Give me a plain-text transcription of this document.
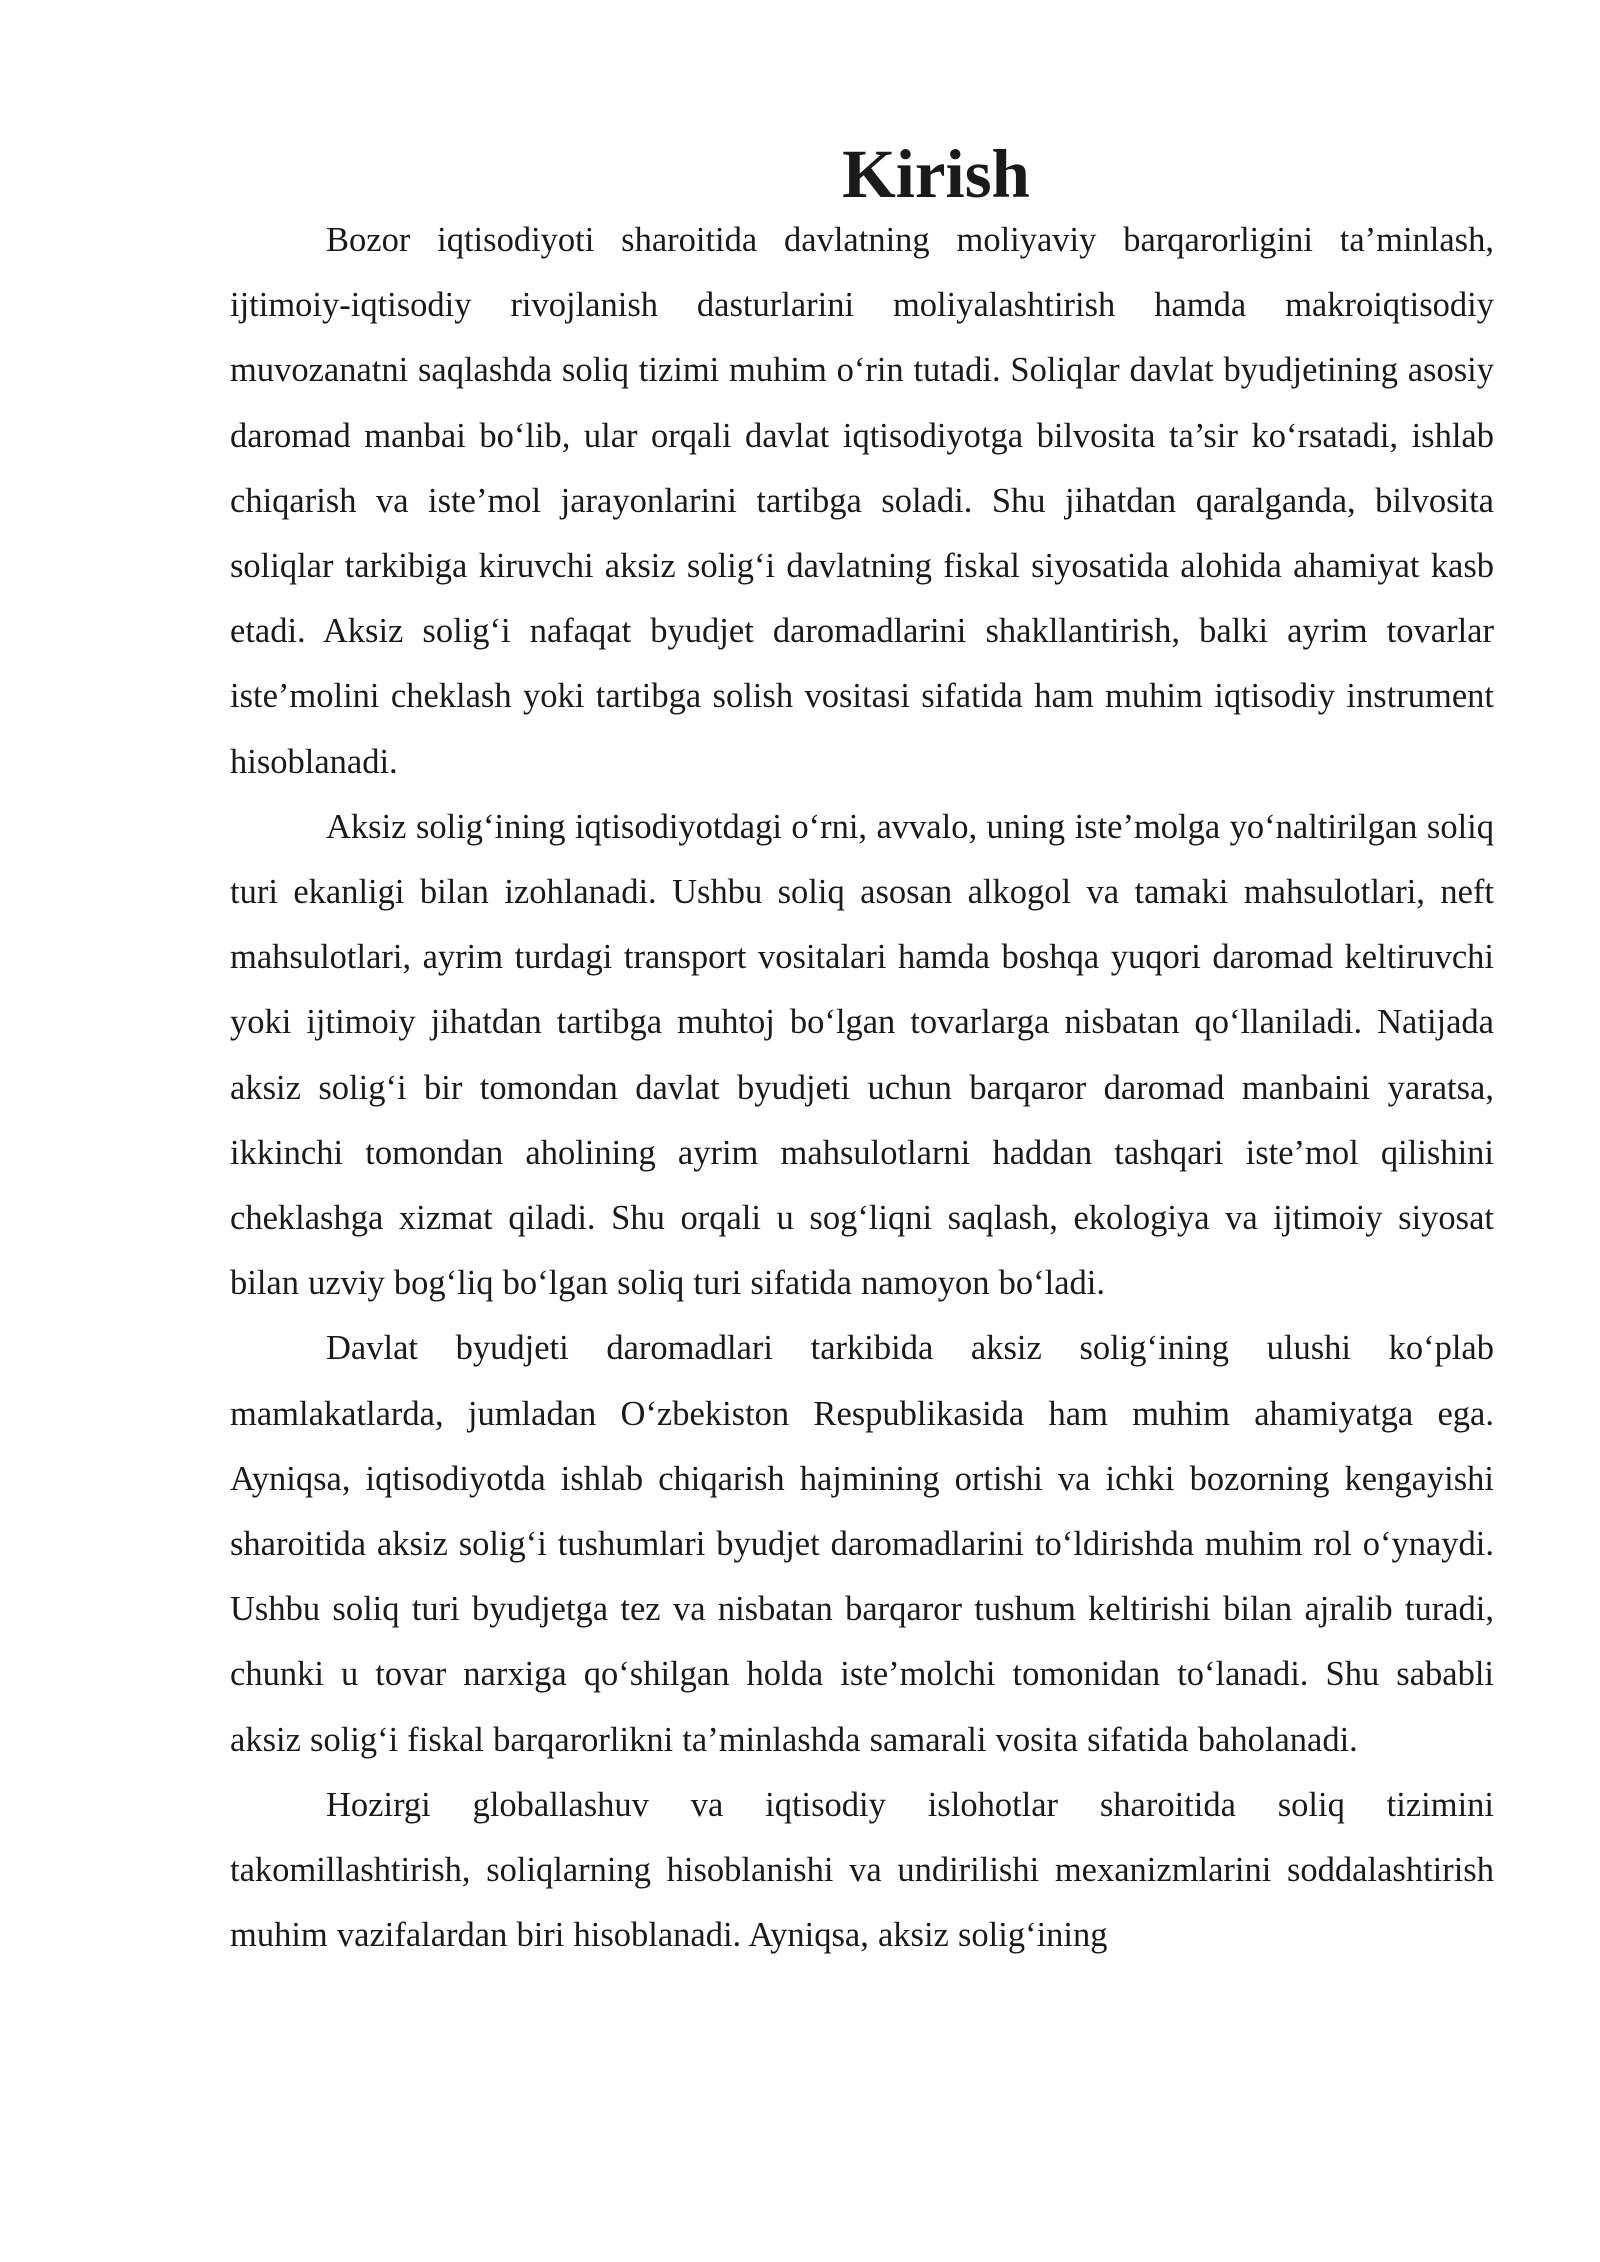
Kirish

Bozor iqtisodiyoti sharoitida davlatning moliyaviy barqarorligini ta’minlash, ijtimoiy-iqtisodiy rivojlanish dasturlarini moliyalashtirish hamda makroiqtisodiy muvozanatni saqlashda soliq tizimi muhim o‘rin tutadi. Soliqlar davlat byudjetining asosiy daromad manbai bo‘lib, ular orqali davlat iqtisodiyotga bilvosita ta’sir ko‘rsatadi, ishlab chiqarish va iste’mol jarayonlarini tartibga soladi. Shu jihatdan qaralganda, bilvosita soliqlar tarkibiga kiruvchi aksiz solig‘i davlatning fiskal siyosatida alohida ahamiyat kasb etadi. Aksiz solig‘i nafaqat byudjet daromadlarini shakllantirish, balki ayrim tovarlar iste’molini cheklash yoki tartibga solish vositasi sifatida ham muhim iqtisodiy instrument hisoblanadi.

Aksiz solig‘ining iqtisodiyotdagi o‘rni, avvalo, uning iste’molga yo‘naltirilgan soliq turi ekanligi bilan izohlanadi. Ushbu soliq asosan alkogol va tamaki mahsulotlari, neft mahsulotlari, ayrim turdagi transport vositalari hamda boshqa yuqori daromad keltiruvchi yoki ijtimoiy jihatdan tartibga muhtoj bo‘lgan tovarlarga nisbatan qo‘llaniladi. Natijada aksiz solig‘i bir tomondan davlat byudjeti uchun barqaror daromad manbaini yaratsa, ikkinchi tomondan aholining ayrim mahsulotlarni haddan tashqari iste’mol qilishini cheklashga xizmat qiladi. Shu orqali u sog‘liqni saqlash, ekologiya va ijtimoiy siyosat bilan uzviy bog‘liq bo‘lgan soliq turi sifatida namoyon bo‘ladi.

Davlat byudjeti daromadlari tarkibida aksiz solig‘ining ulushi ko‘plab mamlakatlarda, jumladan O‘zbekiston Respublikasida ham muhim ahamiyatga ega. Ayniqsa, iqtisodiyotda ishlab chiqarish hajmining ortishi va ichki bozorning kengayishi sharoitida aksiz solig‘i tushumlari byudjet daromadlarini to‘ldirishda muhim rol o‘ynaydi. Ushbu soliq turi byudjetga tez va nisbatan barqaror tushum keltirishi bilan ajralib turadi, chunki u tovar narxiga qo‘shilgan holda iste’molchi tomonidan to‘lanadi. Shu sababli aksiz solig‘i fiskal barqarorlikni ta’minlashda samarali vosita sifatida baholanadi.

Hozirgi globallashuv va iqtisodiy islohotlar sharoitida soliq tizimini takomillashtirish, soliqlarning hisoblanishi va undirilishi mexanizmlarini soddalashtirish muhim vazifalardan biri hisoblanadi. Ayniqsa, aksiz solig‘ining
